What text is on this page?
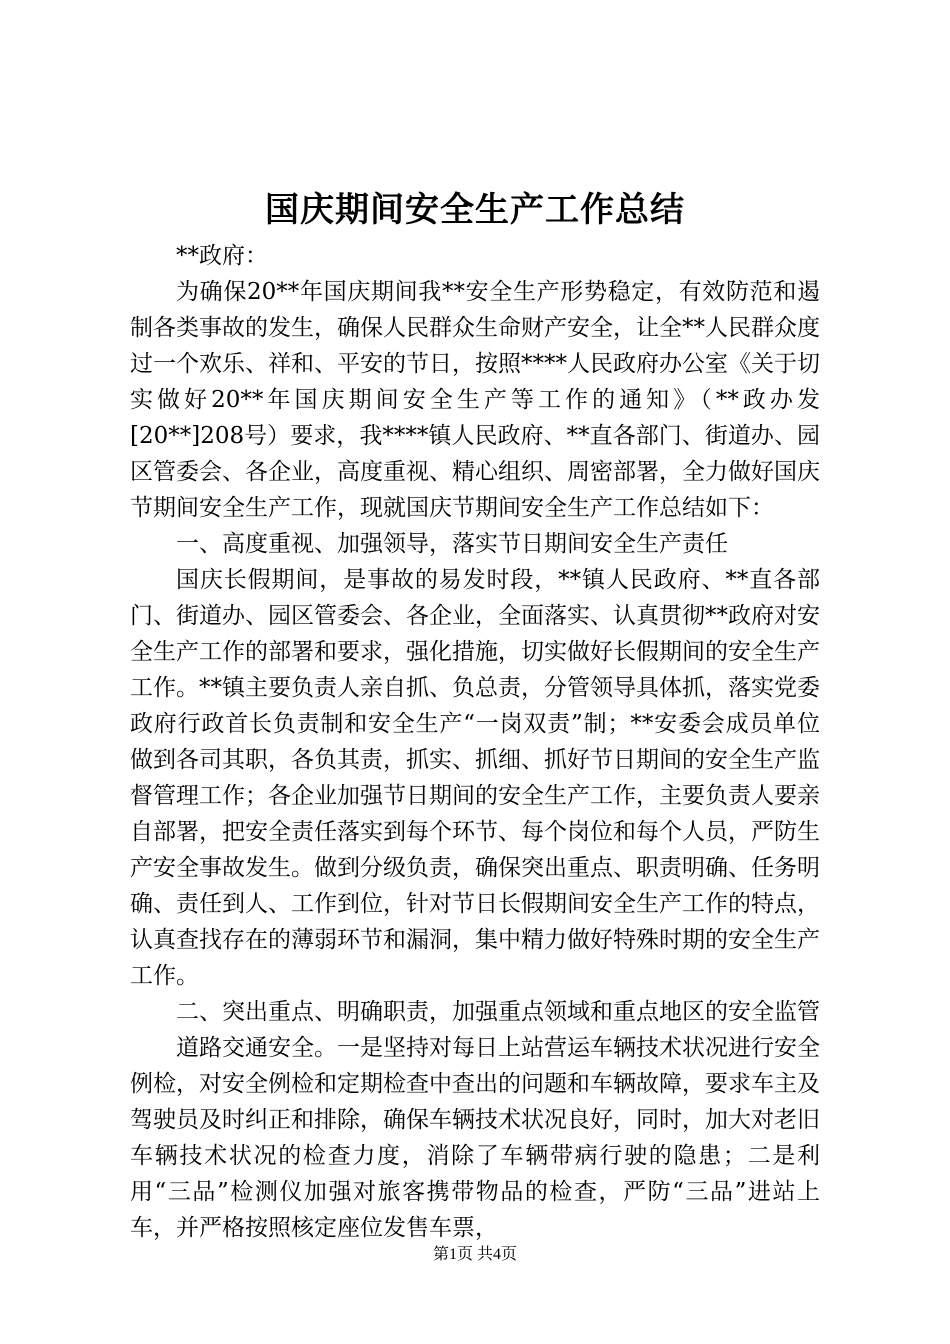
国庆期间安全生产工作总结

**政府：

为确保20**年国庆期间我**安全生产形势稳定，有效防范和遏制各类事故的发生，确保人民群众生命财产安全，让全**人民群众度过一个欢乐、祥和、平安的节日，按照****人民政府办公室《关于切实做好20**年国庆期间安全生产等工作的通知》（**政办发[20**]208号）要求，我****镇人民政府、**直各部门、街道办、园区管委会、各企业，高度重视、精心组织、周密部署，全力做好国庆节期间安全生产工作，现就国庆节期间安全生产工作总结如下：

一、高度重视、加强领导，落实节日期间安全生产责任

国庆长假期间，是事故的易发时段，**镇人民政府、**直各部门、街道办、园区管委会、各企业，全面落实、认真贯彻**政府对安全生产工作的部署和要求，强化措施，切实做好长假期间的安全生产工作。**镇主要负责人亲自抓、负总责，分管领导具体抓，落实党委政府行政首长负责制和安全生产“一岗双责”制；**安委会成员单位做到各司其职，各负其责，抓实、抓细、抓好节日期间的安全生产监督管理工作；各企业加强节日期间的安全生产工作，主要负责人要亲自部署，把安全责任落实到每个环节、每个岗位和每个人员，严防生产安全事故发生。做到分级负责，确保突出重点、职责明确、任务明确、责任到人、工作到位，针对节日长假期间安全生产工作的特点，认真查找存在的薄弱环节和漏洞，集中精力做好特殊时期的安全生产工作。

二、突出重点、明确职责，加强重点领域和重点地区的安全监管

道路交通安全。一是坚持对每日上站营运车辆技术状况进行安全例检，对安全例检和定期检查中查出的问题和车辆故障，要求车主及驾驶员及时纠正和排除，确保车辆技术状况良好，同时，加大对老旧车辆技术状况的检查力度，消除了车辆带病行驶的隐患；二是利用“三品”检测仪加强对旅客携带物品的检查，严防“三品”进站上车，并严格按照核定座位发售车票，

第1页 共4页
